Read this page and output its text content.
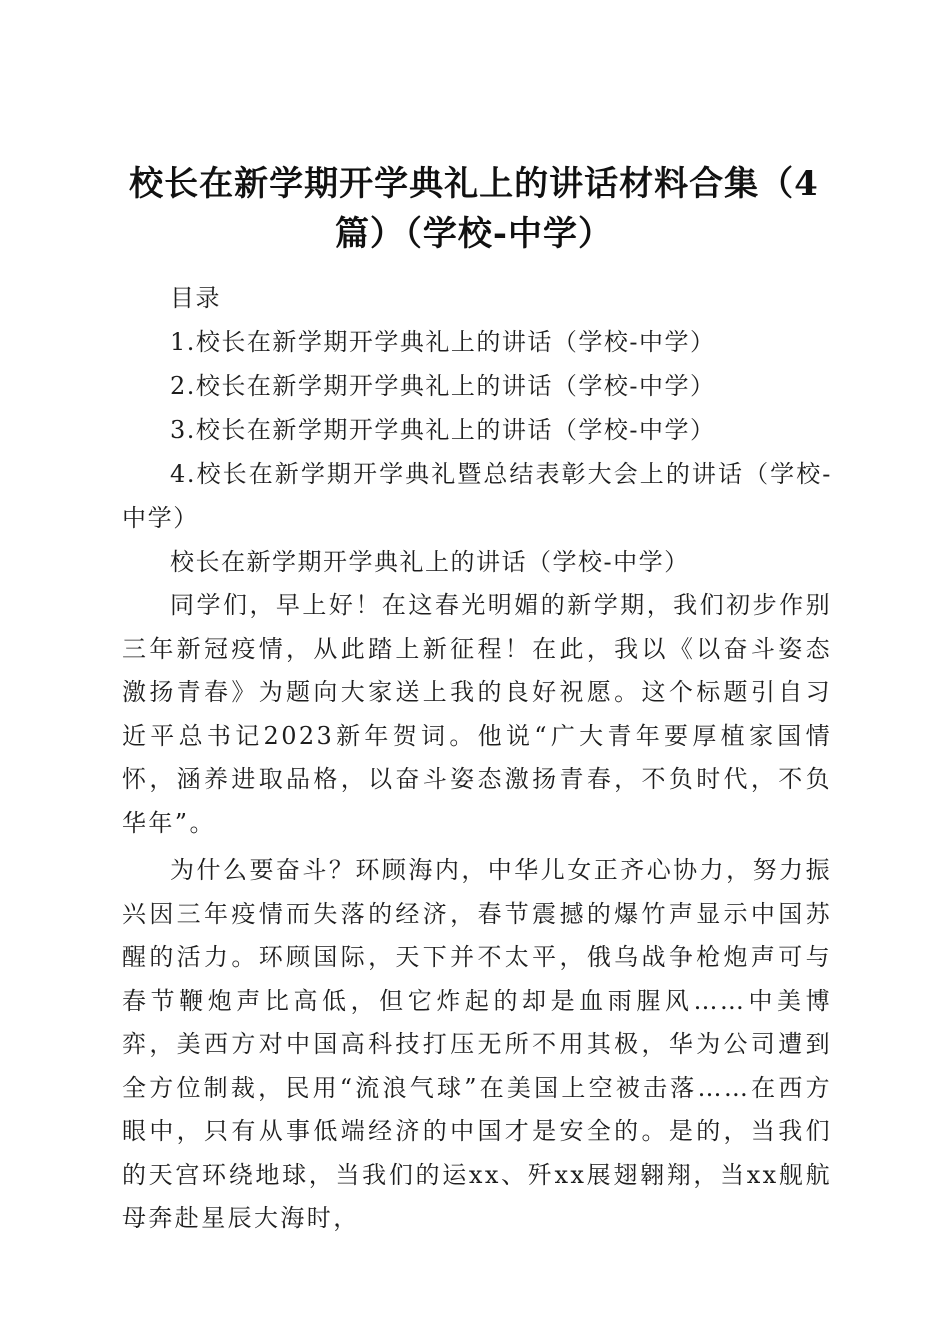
校长在新学期开学典礼上的讲话材料合集（4篇）（学校-中学）

目录

1.校长在新学期开学典礼上的讲话（学校-中学）

2.校长在新学期开学典礼上的讲话（学校-中学）

3.校长在新学期开学典礼上的讲话（学校-中学）

4.校长在新学期开学典礼暨总结表彰大会上的讲话（学校-中学）

校长在新学期开学典礼上的讲话（学校-中学）

同学们，早上好！在这春光明媚的新学期，我们初步作别三年新冠疫情，从此踏上新征程！在此，我以《以奋斗姿态激扬青春》为题向大家送上我的良好祝愿。这个标题引自习近平总书记2023新年贺词。他说“广大青年要厚植家国情怀，涵养进取品格，以奋斗姿态激扬青春，不负时代，不负华年”。

为什么要奋斗？环顾海内，中华儿女正齐心协力，努力振兴因三年疫情而失落的经济，春节震撼的爆竹声显示中国苏醒的活力。环顾国际，天下并不太平，俄乌战争枪炮声可与春节鞭炮声比高低，但它炸起的却是血雨腥风……中美博弈，美西方对中国高科技打压无所不用其极，华为公司遭到全方位制裁，民用“流浪气球”在美国上空被击落……在西方眼中，只有从事低端经济的中国才是安全的。是的，当我们的天宫环绕地球，当我们的运xx、歼xx展翅翱翔，当xx舰航母奔赴星辰大海时，
